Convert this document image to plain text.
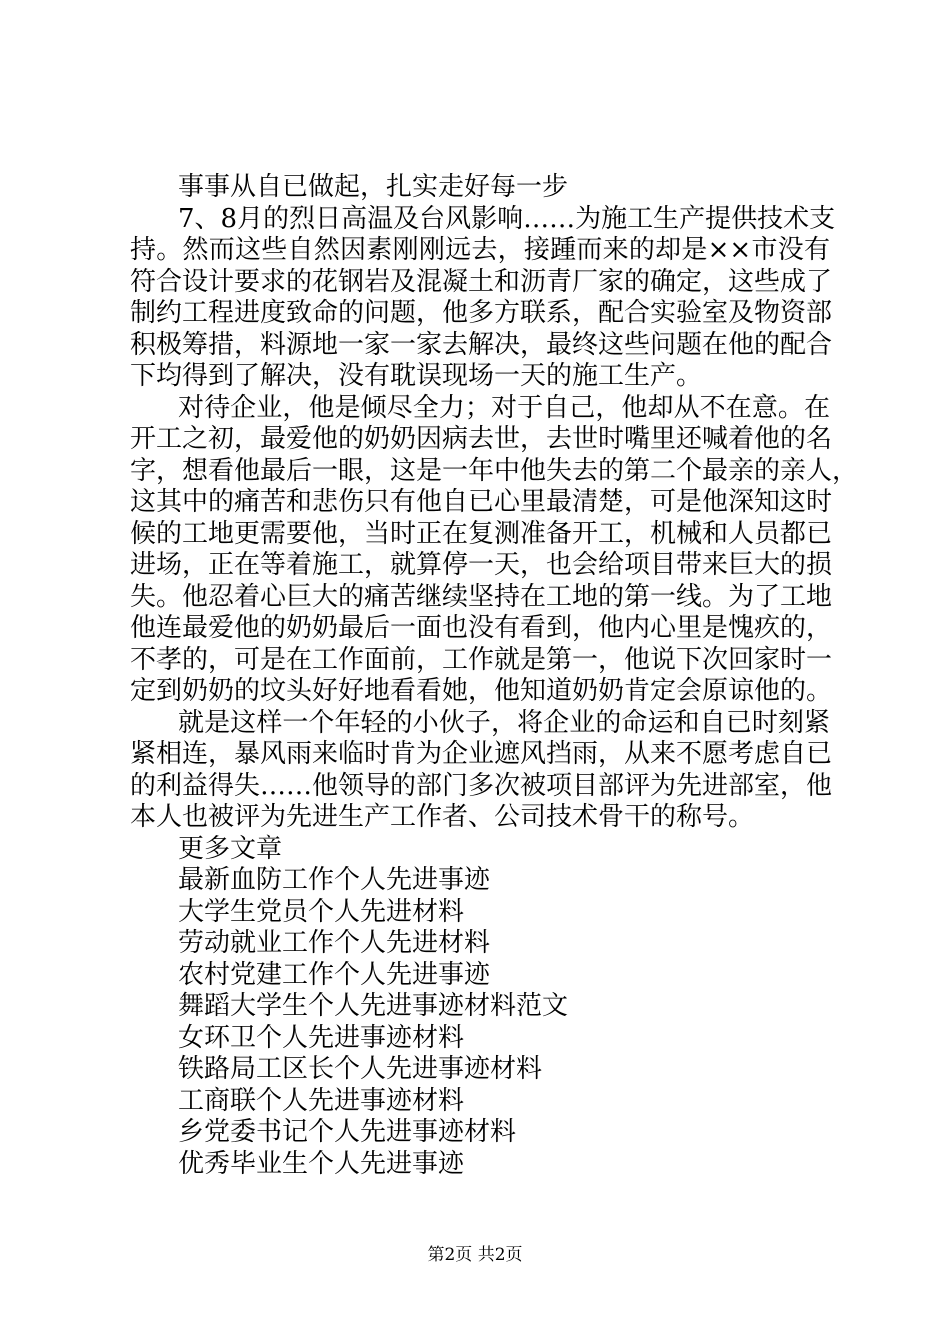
事事从自已做起，扎实走好每一步
7、8月的烈日高温及台风影响……为施工生产提供技术支
持。然而这些自然因素刚刚远去，接踵而来的却是××市没有
符合设计要求的花钢岩及混凝土和沥青厂家的确定，这些成了
制约工程进度致命的问题，他多方联系，配合实验室及物资部
积极筹措，料源地一家一家去解决，最终这些问题在他的配合
下均得到了解决，没有耽误现场一天的施工生产。
对待企业，他是倾尽全力；对于自己，他却从不在意。在
开工之初，最爱他的奶奶因病去世，去世时嘴里还喊着他的名
字，想看他最后一眼，这是一年中他失去的第二个最亲的亲人，
这其中的痛苦和悲伤只有他自已心里最清楚，可是他深知这时
候的工地更需要他，当时正在复测准备开工，机械和人员都已
进场，正在等着施工，就算停一天，也会给项目带来巨大的损
失。他忍着心巨大的痛苦继续坚持在工地的第一线。为了工地
他连最爱他的奶奶最后一面也没有看到，他内心里是愧疚的，
不孝的，可是在工作面前，工作就是第一，他说下次回家时一
定到奶奶的坟头好好地看看她，他知道奶奶肯定会原谅他的。
就是这样一个年轻的小伙子，将企业的命运和自已时刻紧
紧相连，暴风雨来临时肯为企业遮风挡雨，从来不愿考虑自已
的利益得失……他领导的部门多次被项目部评为先进部室，他
本人也被评为先进生产工作者、公司技术骨干的称号。
更多文章
最新血防工作个人先进事迹
大学生党员个人先进材料
劳动就业工作个人先进材料
农村党建工作个人先进事迹
舞蹈大学生个人先进事迹材料范文
女环卫个人先进事迹材料
铁路局工区长个人先进事迹材料
工商联个人先进事迹材料
乡党委书记个人先进事迹材料
优秀毕业生个人先进事迹
第2页 共2页
